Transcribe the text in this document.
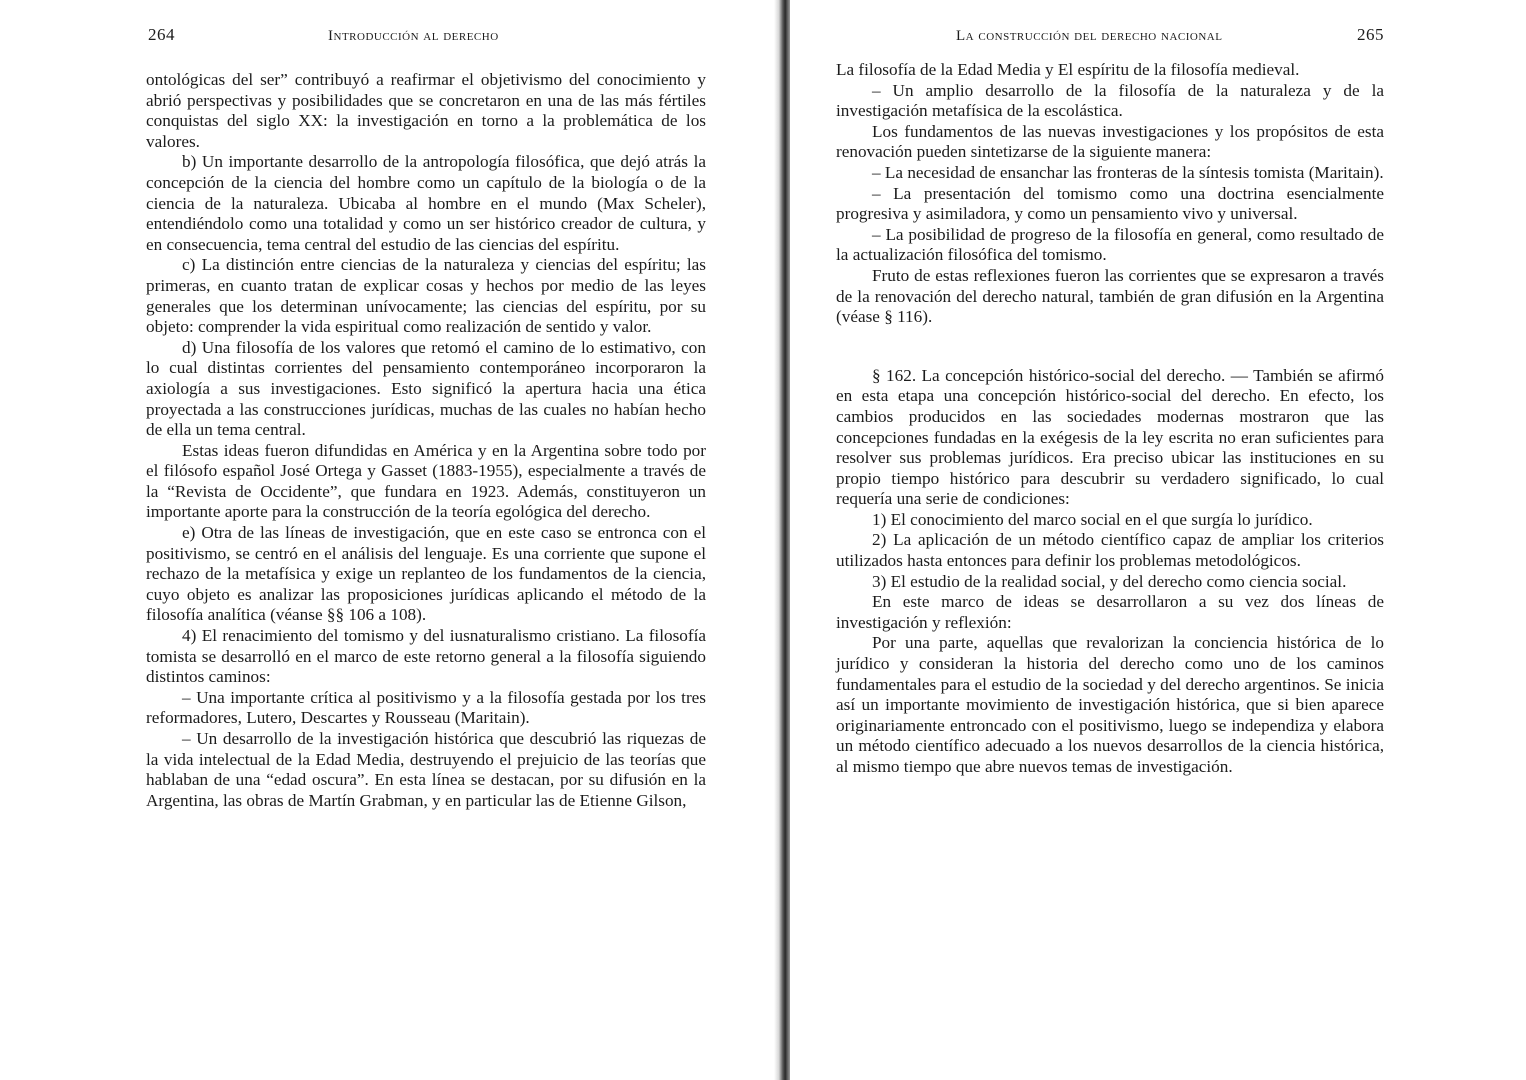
264	Introducción al derecho

ontológicas del ser” contribuyó a reafirmar el objetivismo del conocimiento y abrió perspectivas y posibilidades que se concretaron en una de las más fértiles conquistas del siglo XX: la investigación en torno a la problemática de los valores.

b) Un importante desarrollo de la antropología filosófica, que dejó atrás la concepción de la ciencia del hombre como un capítulo de la biología o de la ciencia de la naturaleza. Ubicaba al hombre en el mundo (Max Scheler), entendiéndolo como una totalidad y como un ser histórico creador de cultura, y en consecuencia, tema central del estudio de las ciencias del espíritu.

c) La distinción entre ciencias de la naturaleza y ciencias del espíritu; las primeras, en cuanto tratan de explicar cosas y hechos por medio de las leyes generales que los determinan unívocamente; las ciencias del espíritu, por su objeto: comprender la vida espiritual como realización de sentido y valor.

d) Una filosofía de los valores que retomó el camino de lo estimativo, con lo cual distintas corrientes del pensamiento contemporáneo incorporaron la axiología a sus investigaciones. Esto significó la apertura hacia una ética proyectada a las construcciones jurídicas, muchas de las cuales no habían hecho de ella un tema central.

Estas ideas fueron difundidas en América y en la Argentina sobre todo por el filósofo español José Ortega y Gasset (1883-1955), especialmente a través de la “Revista de Occidente”, que fundara en 1923. Además, constituyeron un importante aporte para la construcción de la teoría egológica del derecho.

e) Otra de las líneas de investigación, que en este caso se entronca con el positivismo, se centró en el análisis del lenguaje. Es una corriente que supone el rechazo de la metafísica y exige un replanteo de los fundamentos de la ciencia, cuyo objeto es analizar las proposiciones jurídicas aplicando el método de la filosofía analítica (véanse §§ 106 a 108).

4) El renacimiento del tomismo y del iusnaturalismo cristiano. La filosofía tomista se desarrolló en el marco de este retorno general a la filosofía siguiendo distintos caminos:

– Una importante crítica al positivismo y a la filosofía gestada por los tres reformadores, Lutero, Descartes y Rousseau (Maritain).

– Un desarrollo de la investigación histórica que descubrió las riquezas de la vida intelectual de la Edad Media, destruyendo el prejuicio de las teorías que hablaban de una “edad oscura”. En esta línea se destacan, por su difusión en la Argentina, las obras de Martín Grabman, y en particular las de Etienne Gilson,

La construcción del derecho nacional	265

La filosofía de la Edad Media y El espíritu de la filosofía medieval.

– Un amplio desarrollo de la filosofía de la naturaleza y de la investigación metafísica de la escolástica.

Los fundamentos de las nuevas investigaciones y los propósitos de esta renovación pueden sintetizarse de la siguiente manera:

– La necesidad de ensanchar las fronteras de la síntesis tomista (Maritain).

– La presentación del tomismo como una doctrina esencialmente progresiva y asimiladora, y como un pensamiento vivo y universal.

– La posibilidad de progreso de la filosofía en general, como resultado de la actualización filosófica del tomismo.

Fruto de estas reflexiones fueron las corrientes que se expresaron a través de la renovación del derecho natural, también de gran difusión en la Argentina (véase § 116).

§ 162. La concepción histórico-social del derecho. — También se afirmó en esta etapa una concepción histórico-social del derecho. En efecto, los cambios producidos en las sociedades modernas mostraron que las concepciones fundadas en la exégesis de la ley escrita no eran suficientes para resolver sus problemas jurídicos. Era preciso ubicar las instituciones en su propio tiempo histórico para descubrir su verdadero significado, lo cual requería una serie de condiciones:

1) El conocimiento del marco social en el que surgía lo jurídico.

2) La aplicación de un método científico capaz de ampliar los criterios utilizados hasta entonces para definir los problemas metodológicos.

3) El estudio de la realidad social, y del derecho como ciencia social.

En este marco de ideas se desarrollaron a su vez dos líneas de investigación y reflexión:

Por una parte, aquellas que revalorizan la conciencia histórica de lo jurídico y consideran la historia del derecho como uno de los caminos fundamentales para el estudio de la sociedad y del derecho argentinos. Se inicia así un importante movimiento de investigación histórica, que si bien aparece originariamente entroncado con el positivismo, luego se independiza y elabora un método científico adecuado a los nuevos desarrollos de la ciencia histórica, al mismo tiempo que abre nuevos temas de investigación.
